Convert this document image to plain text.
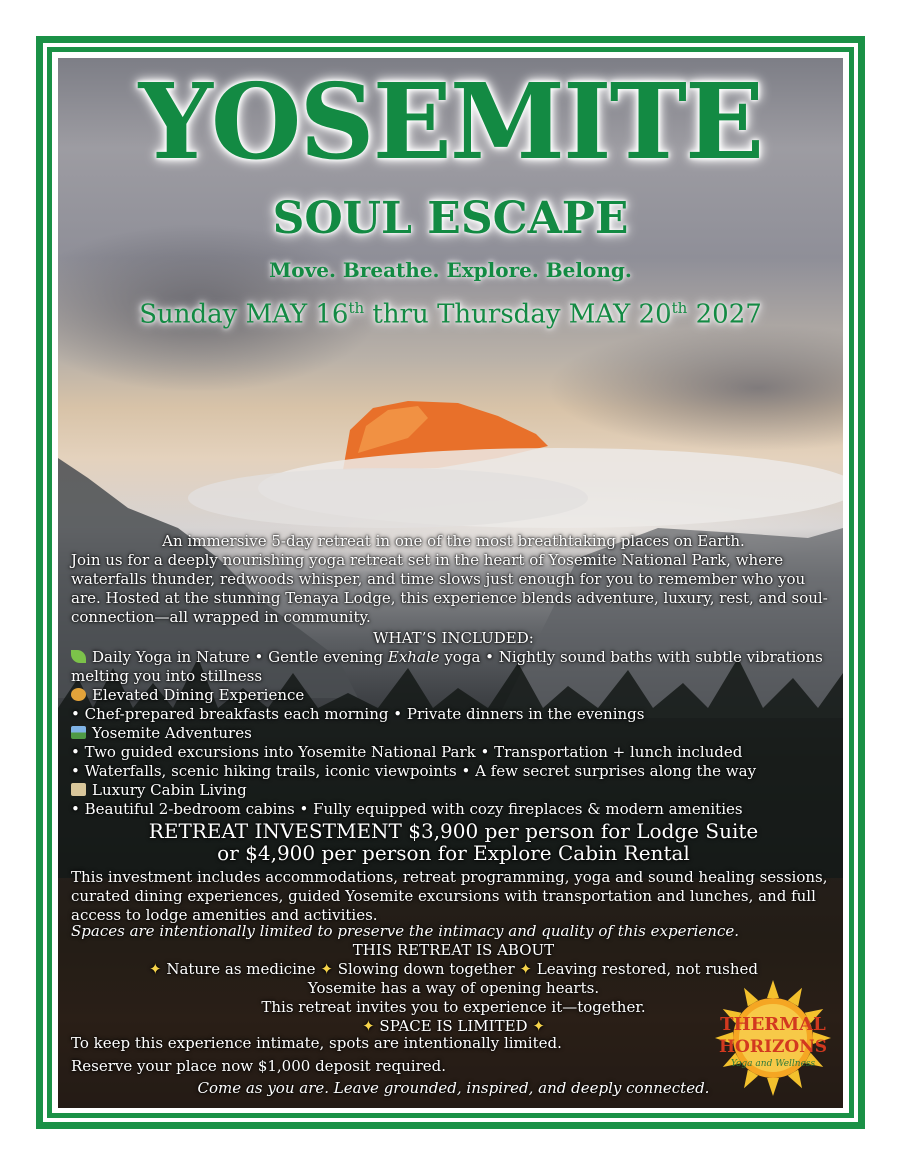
YOSEMITE
SOUL ESCAPE

Move. Breathe. Explore. Belong.

Sunday MAY 16th thru Thursday MAY 20th 2027

An immersive 5-day retreat in one of the most breathtaking places on Earth.
Join us for a deeply nourishing yoga retreat set in the heart of Yosemite National Park, where
waterfalls thunder, redwoods whisper, and time slows just enough for you to remember who you
are. Hosted at the stunning Tenaya Lodge, this experience blends adventure, luxury, rest, and soul-
connection—all wrapped in community.
WHAT’S INCLUDED:
Daily Yoga in Nature • Gentle evening Exhale yoga • Nightly sound baths with subtle vibrations
melting you into stillness
Elevated Dining Experience
• Chef-prepared breakfasts each morning • Private dinners in the evenings
Yosemite Adventures
• Two guided excursions into Yosemite National Park • Transportation + lunch included
• Waterfalls, scenic hiking trails, iconic viewpoints • A few secret surprises along the way
Luxury Cabin Living
• Beautiful 2-bedroom cabins • Fully equipped with cozy fireplaces & modern amenities
RETREAT INVESTMENT $3,900 per person for Lodge Suite
or $4,900 per person for Explore Cabin Rental
This investment includes accommodations, retreat programming, yoga and sound healing sessions,
curated dining experiences, guided Yosemite excursions with transportation and lunches, and full
access to lodge amenities and activities.
Spaces are intentionally limited to preserve the intimacy and quality of this experience.
THIS RETREAT IS ABOUT
✦ Nature as medicine ✦ Slowing down together ✦ Leaving restored, not rushed
Yosemite has a way of opening hearts.
This retreat invites you to experience it—together.
✦ SPACE IS LIMITED ✦
To keep this experience intimate, spots are intentionally limited.
Reserve your place now $1,000 deposit required.
Come as you are. Leave grounded, inspired, and deeply connected.
THERMAL
HORIZONS
Yoga and Wellness
